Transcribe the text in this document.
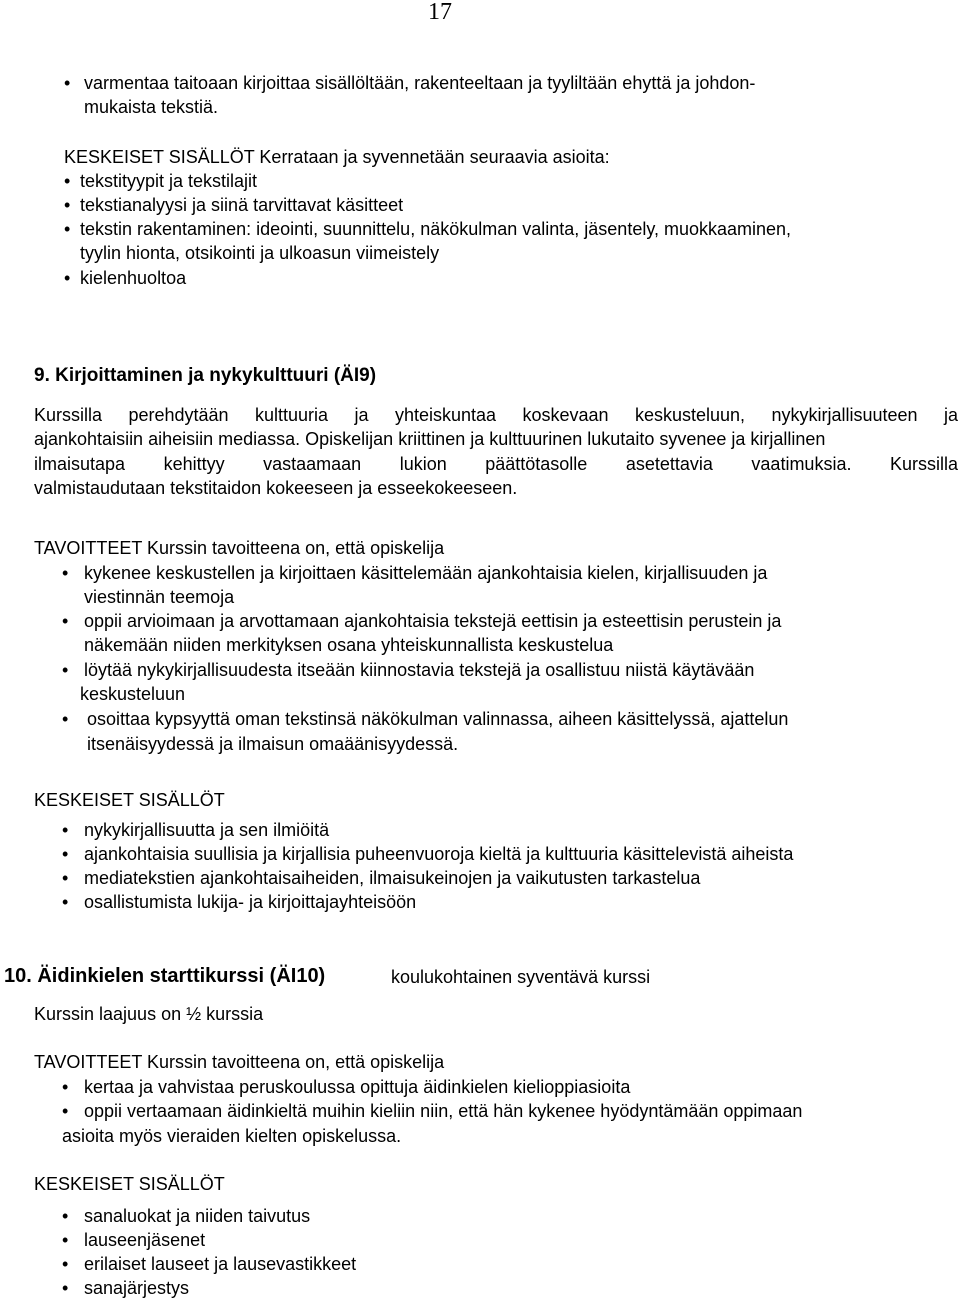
17
• varmentaa taitoaan kirjoittaa sisällöltään, rakenteeltaan ja tyyliltään ehyttä ja johdon-
mukaista tekstiä.
KESKEISET SISÄLLÖT Kerrataan ja syvennetään seuraavia asioita:
• tekstityypit ja tekstilajit
• tekstianalyysi ja siinä tarvittavat käsitteet
• tekstin rakentaminen: ideointi, suunnittelu, näkökulman valinta, jäsentely, muokkaaminen,
tyylin hionta, otsikointi ja ulkoasun viimeistely
• kielenhuoltoa
9. Kirjoittaminen ja nykykulttuuri (ÄI9)
Kurssilla perehdytään kulttuuria ja yhteiskuntaa koskevaan keskusteluun, nykykirjallisuuteen ja
ajankohtaisiin aiheisiin mediassa. Opiskelijan kriittinen ja kulttuurinen lukutaito syvenee ja kirjallinen
ilmaisutapa kehittyy vastaamaan lukion päättötasolle asetettavia vaatimuksia. Kurssilla
valmistaudutaan tekstitaidon kokeeseen ja esseekokeeseen.
TAVOITTEET Kurssin tavoitteena on, että opiskelija
• kykenee keskustellen ja kirjoittaen käsittelemään ajankohtaisia kielen, kirjallisuuden ja
viestinnän teemoja
• oppii arvioimaan ja arvottamaan ajankohtaisia tekstejä eettisin ja esteettisin perustein ja
näkemään niiden merkityksen osana yhteiskunnallista keskustelua
• löytää nykykirjallisuudesta itseään kiinnostavia tekstejä ja osallistuu niistä käytävään
keskusteluun
• osoittaa kypsyyttä oman tekstinsä näkökulman valinnassa, aiheen käsittelyssä, ajattelun
itsenäisyydessä ja ilmaisun omaäänisyydessä.
KESKEISET SISÄLLÖT
• nykykirjallisuutta ja sen ilmiöitä
• ajankohtaisia suullisia ja kirjallisia puheenvuoroja kieltä ja kulttuuria käsittelevistä aiheista
• mediatekstien ajankohtaisaiheiden, ilmaisukeinojen ja vaikutusten tarkastelua
• osallistumista lukija- ja kirjoittajayhteisöön
10. Äidinkielen starttikurssi (ÄI10)	koulukohtainen syventävä kurssi
Kurssin laajuus on ½ kurssia
TAVOITTEET Kurssin tavoitteena on, että opiskelija
• kertaa ja vahvistaa peruskoulussa opittuja äidinkielen kielioppiasioita
• oppii vertaamaan äidinkieltä muihin kieliin niin, että hän kykenee hyödyntämään oppimaan
asioita myös vieraiden kielten opiskelussa.
KESKEISET SISÄLLÖT
• sanaluokat ja niiden taivutus
• lauseenjäsenet
• erilaiset lauseet ja lausevastikkeet
• sanajärjestys
